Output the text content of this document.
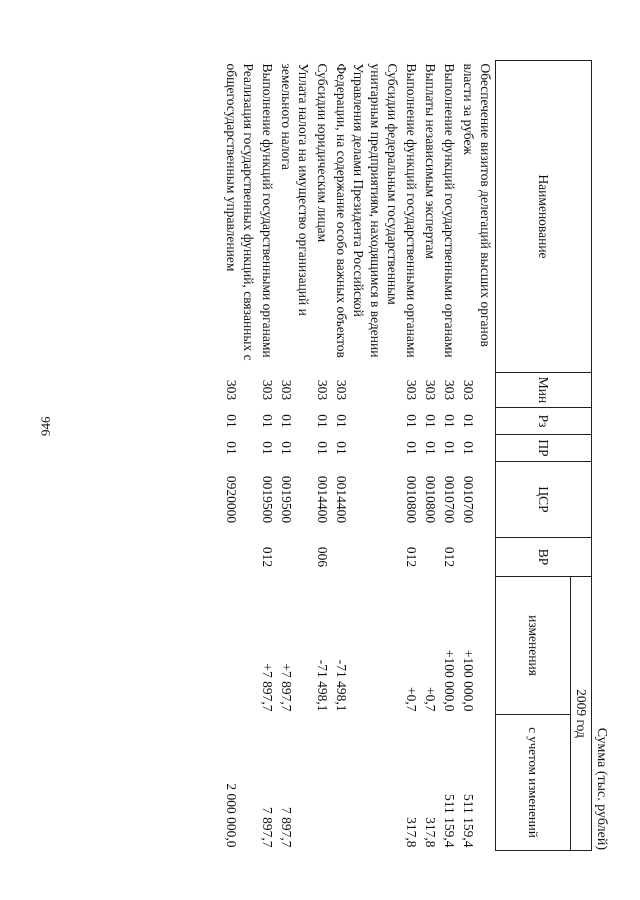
946
Сумма (тыс. рублей)
Наименование	Мин	Рз	ПР	ЦСР	ВР	2009 год	
						изменения	с учетом изменений
Обеспечение визитов делегаций высших органов власти за рубеж	303	01	01	0010700		+100 000,0	511 159,4
Выполнение функций государственными органами	303	01	01	0010700	012	+100 000,0	511 159,4
Выплаты независимым экспертам	303	01	01	0010800		+0,7	317,8
Выполнение функций государственными органами	303	01	01	0010800	012	+0,7	317,8
Субсидии федеральным государственным унитарным предприятиям, находящимся в ведении Управления делами Президента Российской Федерации, на содержание особо важных объектов	303	01	01	0014400		-71 498,1	
Субсидии юридическим лицам	303	01	01	0014400	006	-71 498,1	
Уплата налога на имущество организаций и земельного налога	303	01	01	0019500		+7 897,7	7 897,7
Выполнение функций государственными органами	303	01	01	0019500	012	+7 897,7	7 897,7
Реализация государственных функций, связанных с общегосударственным управлением	303	01	01	0920000			2 000 000,0
